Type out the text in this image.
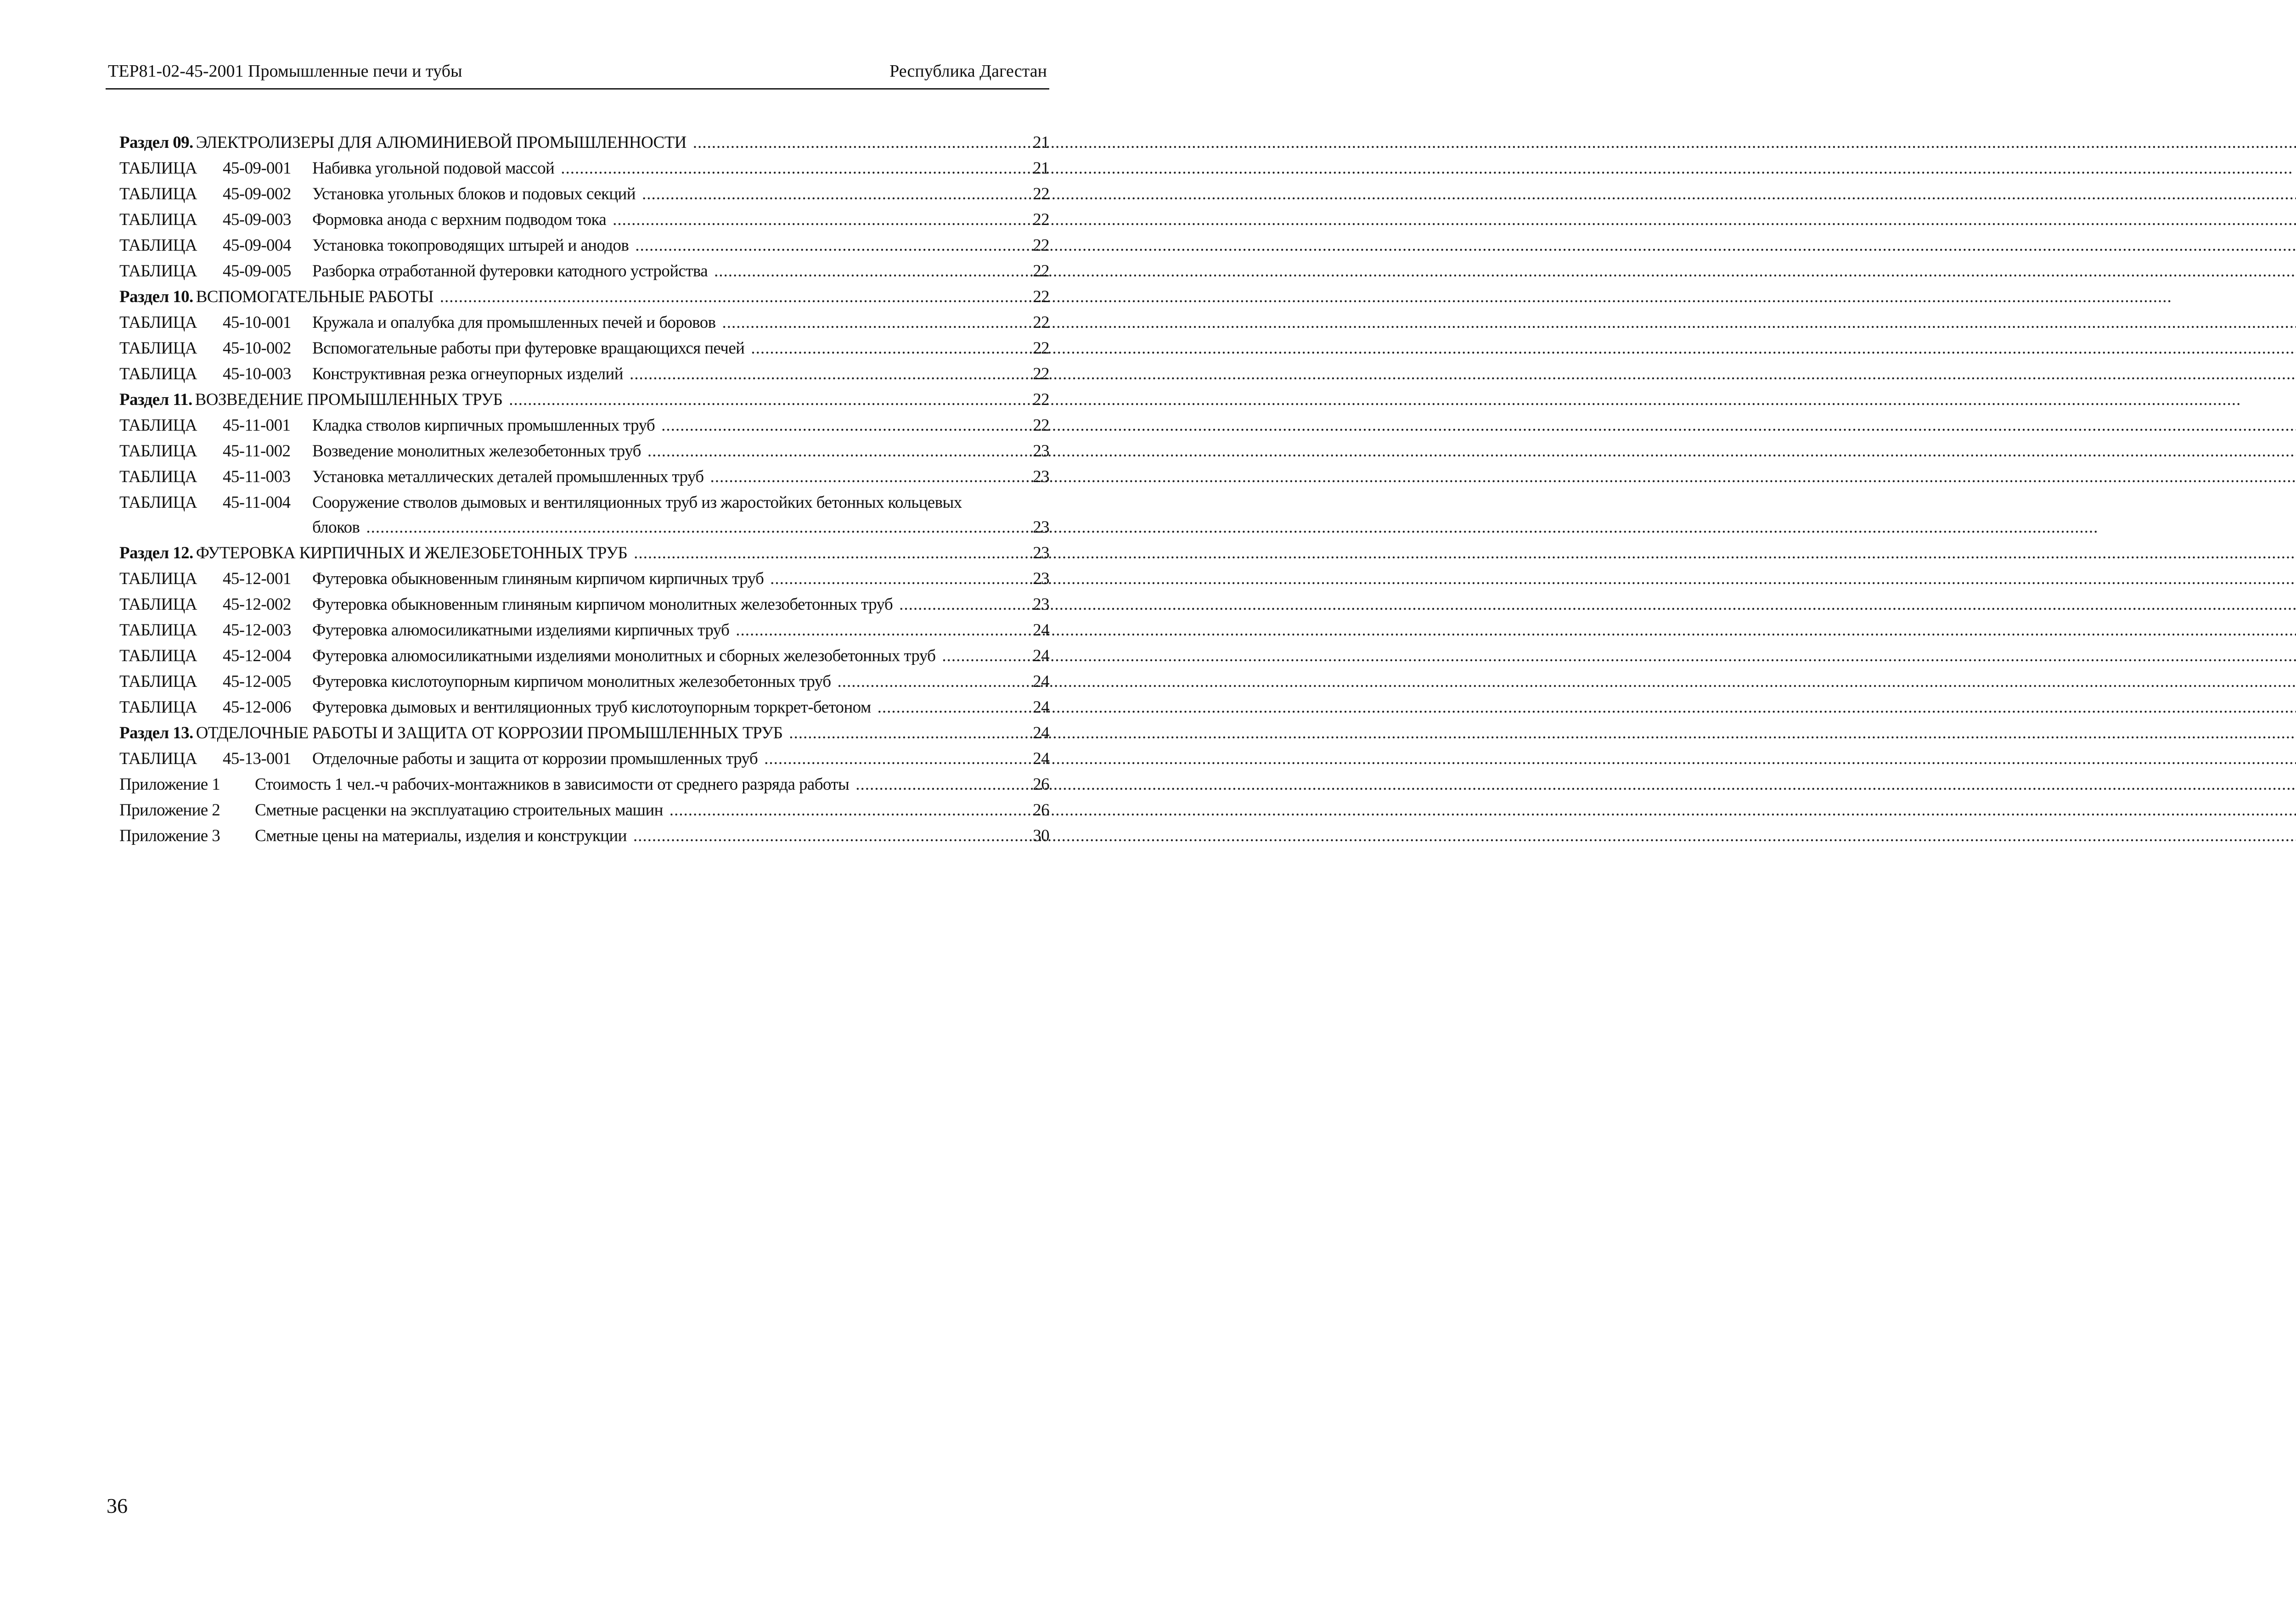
ТЕР81-02-45-2001 Промышленные печи и тубы	Республика Дагестан
Раздел 09. ЭЛЕКТРОЛИЗЕРЫ ДЛЯ АЛЮМИНИЕВОЙ ПРОМЫШЛЕННОСТИ .....	21
ТАБЛИЦА	45-09-001	Набивка угольной подовой массой .....	21
ТАБЛИЦА	45-09-002	Установка угольных блоков и подовых секций .....	22
ТАБЛИЦА	45-09-003	Формовка анода с верхним подводом тока .....	22
ТАБЛИЦА	45-09-004	Установка токопроводящих штырей и анодов .....	22
ТАБЛИЦА	45-09-005	Разборка отработанной футеровки катодного устройства .....	22
Раздел 10. ВСПОМОГАТЕЛЬНЫЕ РАБОТЫ .....	22
ТАБЛИЦА	45-10-001	Кружала и опалубка для промышленных печей и боровов .....	22
ТАБЛИЦА	45-10-002	Вспомогательные работы при футеровке вращающихся печей .....	22
ТАБЛИЦА	45-10-003	Конструктивная резка огнеупорных изделий .....	22
Раздел 11. ВОЗВЕДЕНИЕ ПРОМЫШЛЕННЫХ ТРУБ .....	22
ТАБЛИЦА	45-11-001	Кладка стволов кирпичных промышленных труб .....	22
ТАБЛИЦА	45-11-002	Возведение монолитных железобетонных труб .....	23
ТАБЛИЦА	45-11-003	Установка металлических деталей промышленных труб .....	23
ТАБЛИЦА	45-11-004	Сооружение стволов дымовых и вентиляционных труб из жаростойких бетонных кольцевых
блоков .....	23
Раздел 12. ФУТЕРОВКА КИРПИЧНЫХ И ЖЕЛЕЗОБЕТОННЫХ ТРУБ .....	23
ТАБЛИЦА	45-12-001	Футеровка обыкновенным глиняным кирпичом кирпичных труб .....	23
ТАБЛИЦА	45-12-002	Футеровка обыкновенным глиняным кирпичом монолитных железобетонных труб .....	23
ТАБЛИЦА	45-12-003	Футеровка алюмосиликатными изделиями кирпичных труб .....	24
ТАБЛИЦА	45-12-004	Футеровка алюмосиликатными изделиями монолитных и сборных железобетонных труб .....	24
ТАБЛИЦА	45-12-005	Футеровка кислотоупорным кирпичом монолитных железобетонных труб .....	24
ТАБЛИЦА	45-12-006	Футеровка дымовых и вентиляционных труб кислотоупорным торкрет-бетоном .....	24
Раздел 13. ОТДЕЛОЧНЫЕ РАБОТЫ И ЗАЩИТА ОТ КОРРОЗИИ ПРОМЫШЛЕННЫХ ТРУБ .....	24
ТАБЛИЦА	45-13-001	Отделочные работы и защита от коррозии промышленных труб .....	24
Приложение 1	Стоимость 1 чел.-ч рабочих-монтажников в зависимости от среднего разряда работы .....	26
Приложение 2	Сметные расценки на эксплуатацию строительных машин .....	26
Приложение 3	Сметные цены на материалы, изделия и конструкции .....	30
36
